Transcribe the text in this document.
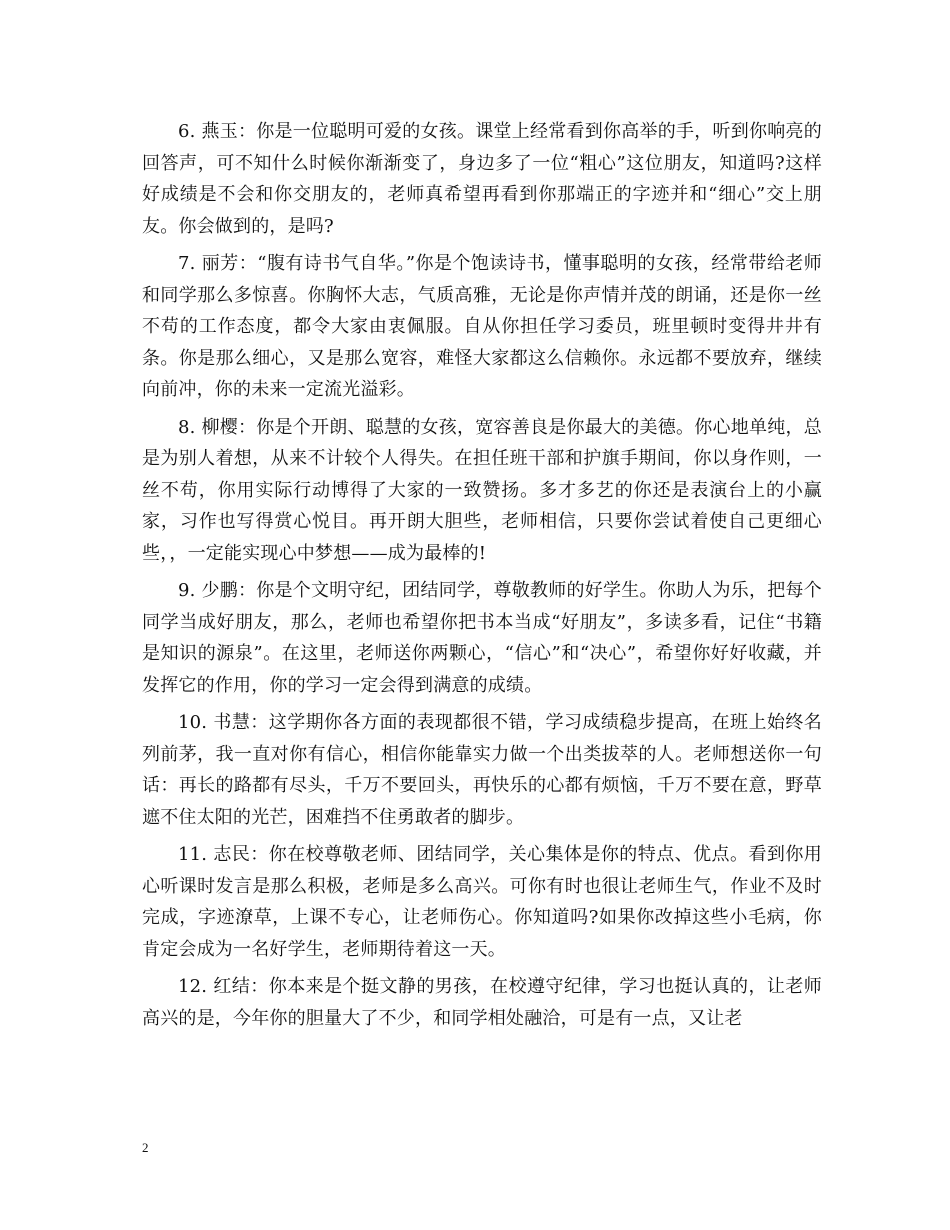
6. 燕玉：你是一位聪明可爱的女孩。课堂上经常看到你高举的手，听到你响亮的回答声，可不知什么时候你渐渐变了，身边多了一位“粗心”这位朋友，知道吗?这样好成绩是不会和你交朋友的，老师真希望再看到你那端正的字迹并和“细心”交上朋友。你会做到的，是吗?

7. 丽芳：“腹有诗书气自华。”你是个饱读诗书，懂事聪明的女孩，经常带给老师和同学那么多惊喜。你胸怀大志，气质高雅，无论是你声情并茂的朗诵，还是你一丝不苟的工作态度，都令大家由衷佩服。自从你担任学习委员，班里顿时变得井井有条。你是那么细心，又是那么宽容，难怪大家都这么信赖你。永远都不要放弃，继续向前冲，你的未来一定流光溢彩。

8. 柳樱：你是个开朗、聪慧的女孩，宽容善良是你最大的美德。你心地单纯，总是为别人着想，从来不计较个人得失。在担任班干部和护旗手期间，你以身作则，一丝不苟，你用实际行动博得了大家的一致赞扬。多才多艺的你还是表演台上的小赢家，习作也写得赏心悦目。再开朗大胆些，老师相信，只要你尝试着使自己更细心些，，一定能实现心中梦想——成为最棒的!

9. 少鹏：你是个文明守纪，团结同学，尊敬教师的好学生。你助人为乐，把每个同学当成好朋友，那么，老师也希望你把书本当成“好朋友”，多读多看，记住“书籍是知识的源泉”。在这里，老师送你两颗心，“信心”和“决心”，希望你好好收藏，并发挥它的作用，你的学习一定会得到满意的成绩。

10. 书慧：这学期你各方面的表现都很不错，学习成绩稳步提高，在班上始终名列前茅，我一直对你有信心，相信你能靠实力做一个出类拔萃的人。老师想送你一句话：再长的路都有尽头，千万不要回头，再快乐的心都有烦恼，千万不要在意，野草遮不住太阳的光芒，困难挡不住勇敢者的脚步。

11. 志民：你在校尊敬老师、团结同学，关心集体是你的特点、优点。看到你用心听课时发言是那么积极，老师是多么高兴。可你有时也很让老师生气，作业不及时完成，字迹潦草，上课不专心，让老师伤心。你知道吗?如果你改掉这些小毛病，你肯定会成为一名好学生，老师期待着这一天。

12. 红结：你本来是个挺文静的男孩，在校遵守纪律，学习也挺认真的，让老师高兴的是，今年你的胆量大了不少，和同学相处融洽，可是有一点，又让老

2
